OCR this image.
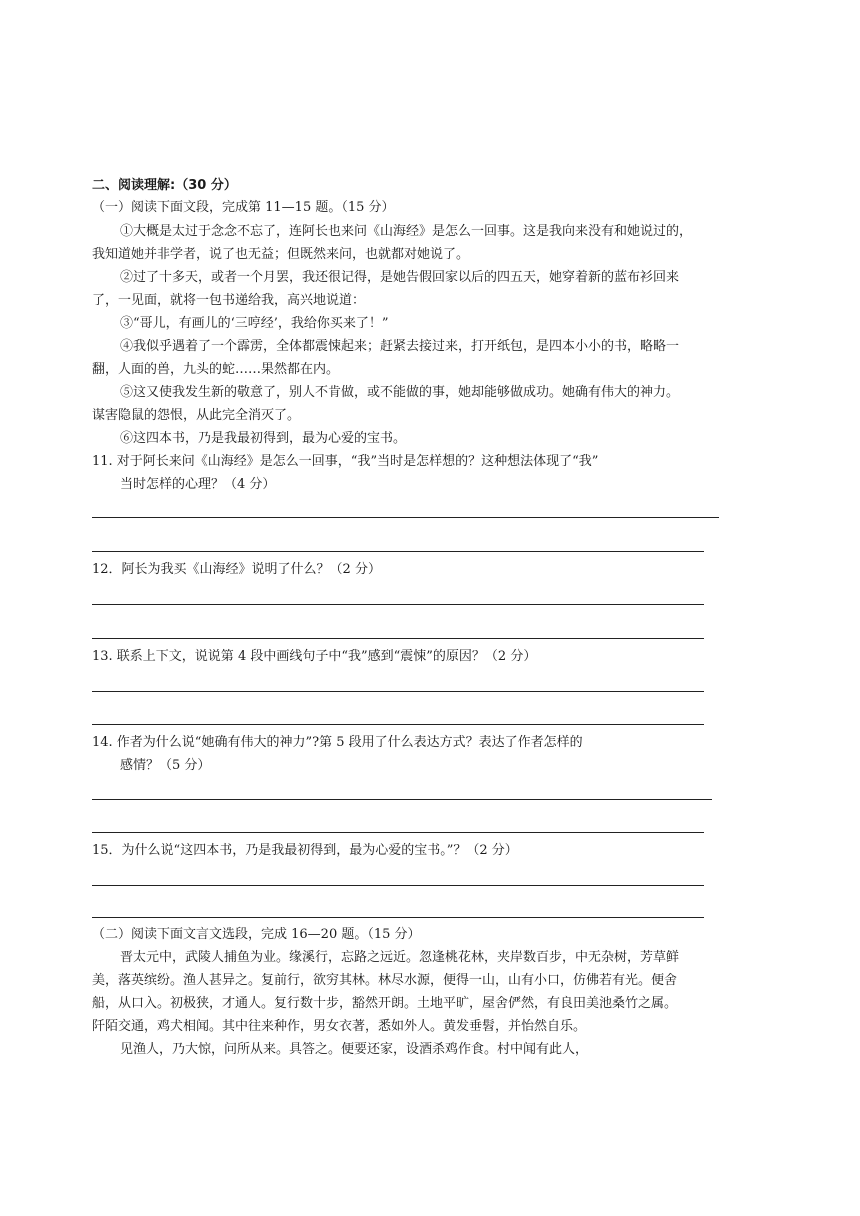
二、阅读理解:（30 分）
（一）阅读下面文段，完成第 11—15 题。（15 分）
①大概是太过于念念不忘了，连阿长也来问《山海经》是怎么一回事。这是我向来没有和她说过的，
我知道她并非学者，说了也无益；但既然来问，也就都对她说了。
②过了十多天，或者一个月罢，我还很记得，是她告假回家以后的四五天，她穿着新的蓝布衫回来
了，一见面，就将一包书递给我，高兴地说道：
③“哥儿，有画儿的‘三哼经’，我给你买来了！”
④我似乎遇着了一个霹雳，全体都震悚起来；赶紧去接过来，打开纸包，是四本小小的书，略略一
翻，人面的兽，九头的蛇……果然都在内。
⑤这又使我发生新的敬意了，别人不肯做，或不能做的事，她却能够做成功。她确有伟大的神力。
谋害隐鼠的怨恨，从此完全消灭了。
⑥这四本书，乃是我最初得到，最为心爱的宝书。
11. 对于阿长来问《山海经》是怎么一回事，“我”当时是怎样想的？这种想法体现了“我”
当时怎样的心理？（4 分）
12．阿长为我买《山海经》说明了什么？（2 分）
13. 联系上下文，说说第 4 段中画线句子中“我”感到“震悚”的原因？（2 分）
14. 作者为什么说“她确有伟大的神力”?第 5 段用了什么表达方式？表达了作者怎样的
感情？（5 分）
15．为什么说“这四本书，乃是我最初得到，最为心爱的宝书。”？（2 分）
（二）阅读下面文言文选段，完成 16—20 题。（15 分）
晋太元中，武陵人捕鱼为业。缘溪行，忘路之远近。忽逢桃花林，夹岸数百步，中无杂树，芳草鲜
美，落英缤纷。渔人甚异之。复前行，欲穷其林。林尽水源，便得一山，山有小口，仿佛若有光。便舍
船，从口入。初极狭，才通人。复行数十步，豁然开朗。土地平旷，屋舍俨然，有良田美池桑竹之属。
阡陌交通，鸡犬相闻。其中往来种作，男女衣著，悉如外人。黄发垂髫，并怡然自乐。
见渔人，乃大惊，问所从来。具答之。便要还家，设酒杀鸡作食。村中闻有此人，
